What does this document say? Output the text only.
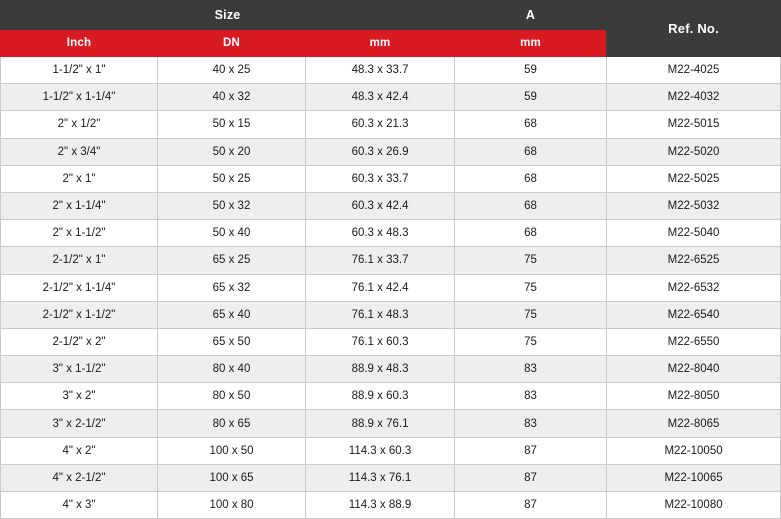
Size			A	Ref. No.
Inch	DN	mm	mm	
1-1/2" x 1"	40 x 25	48.3 x 33.7	59	M22-4025
1-1/2" x 1-1/4"	40 x 32	48.3 x 42.4	59	M22-4032
2" x 1/2"	50 x 15	60.3 x 21.3	68	M22-5015
2" x 3/4"	50 x 20	60.3 x 26.9	68	M22-5020
2" x 1"	50 x 25	60.3 x 33.7	68	M22-5025
2" x 1-1/4"	50 x 32	60.3 x 42.4	68	M22-5032
2" x 1-1/2"	50 x 40	60.3 x 48.3	68	M22-5040
2-1/2" x 1"	65 x 25	76.1 x 33.7	75	M22-6525
2-1/2" x 1-1/4"	65 x 32	76.1 x 42.4	75	M22-6532
2-1/2" x 1-1/2"	65 x 40	76.1 x 48.3	75	M22-6540
2-1/2" x 2"	65 x 50	76.1 x 60.3	75	M22-6550
3" x 1-1/2"	80 x 40	88.9 x 48.3	83	M22-8040
3" x 2"	80 x 50	88.9 x 60.3	83	M22-8050
3" x 2-1/2"	80 x 65	88.9 x 76.1	83	M22-8065
4" x 2"	100 x 50	114.3 x 60.3	87	M22-10050
4" x 2-1/2"	100 x 65	114.3 x 76.1	87	M22-10065
4" x 3"	100 x 80	114.3 x 88.9	87	M22-10080
